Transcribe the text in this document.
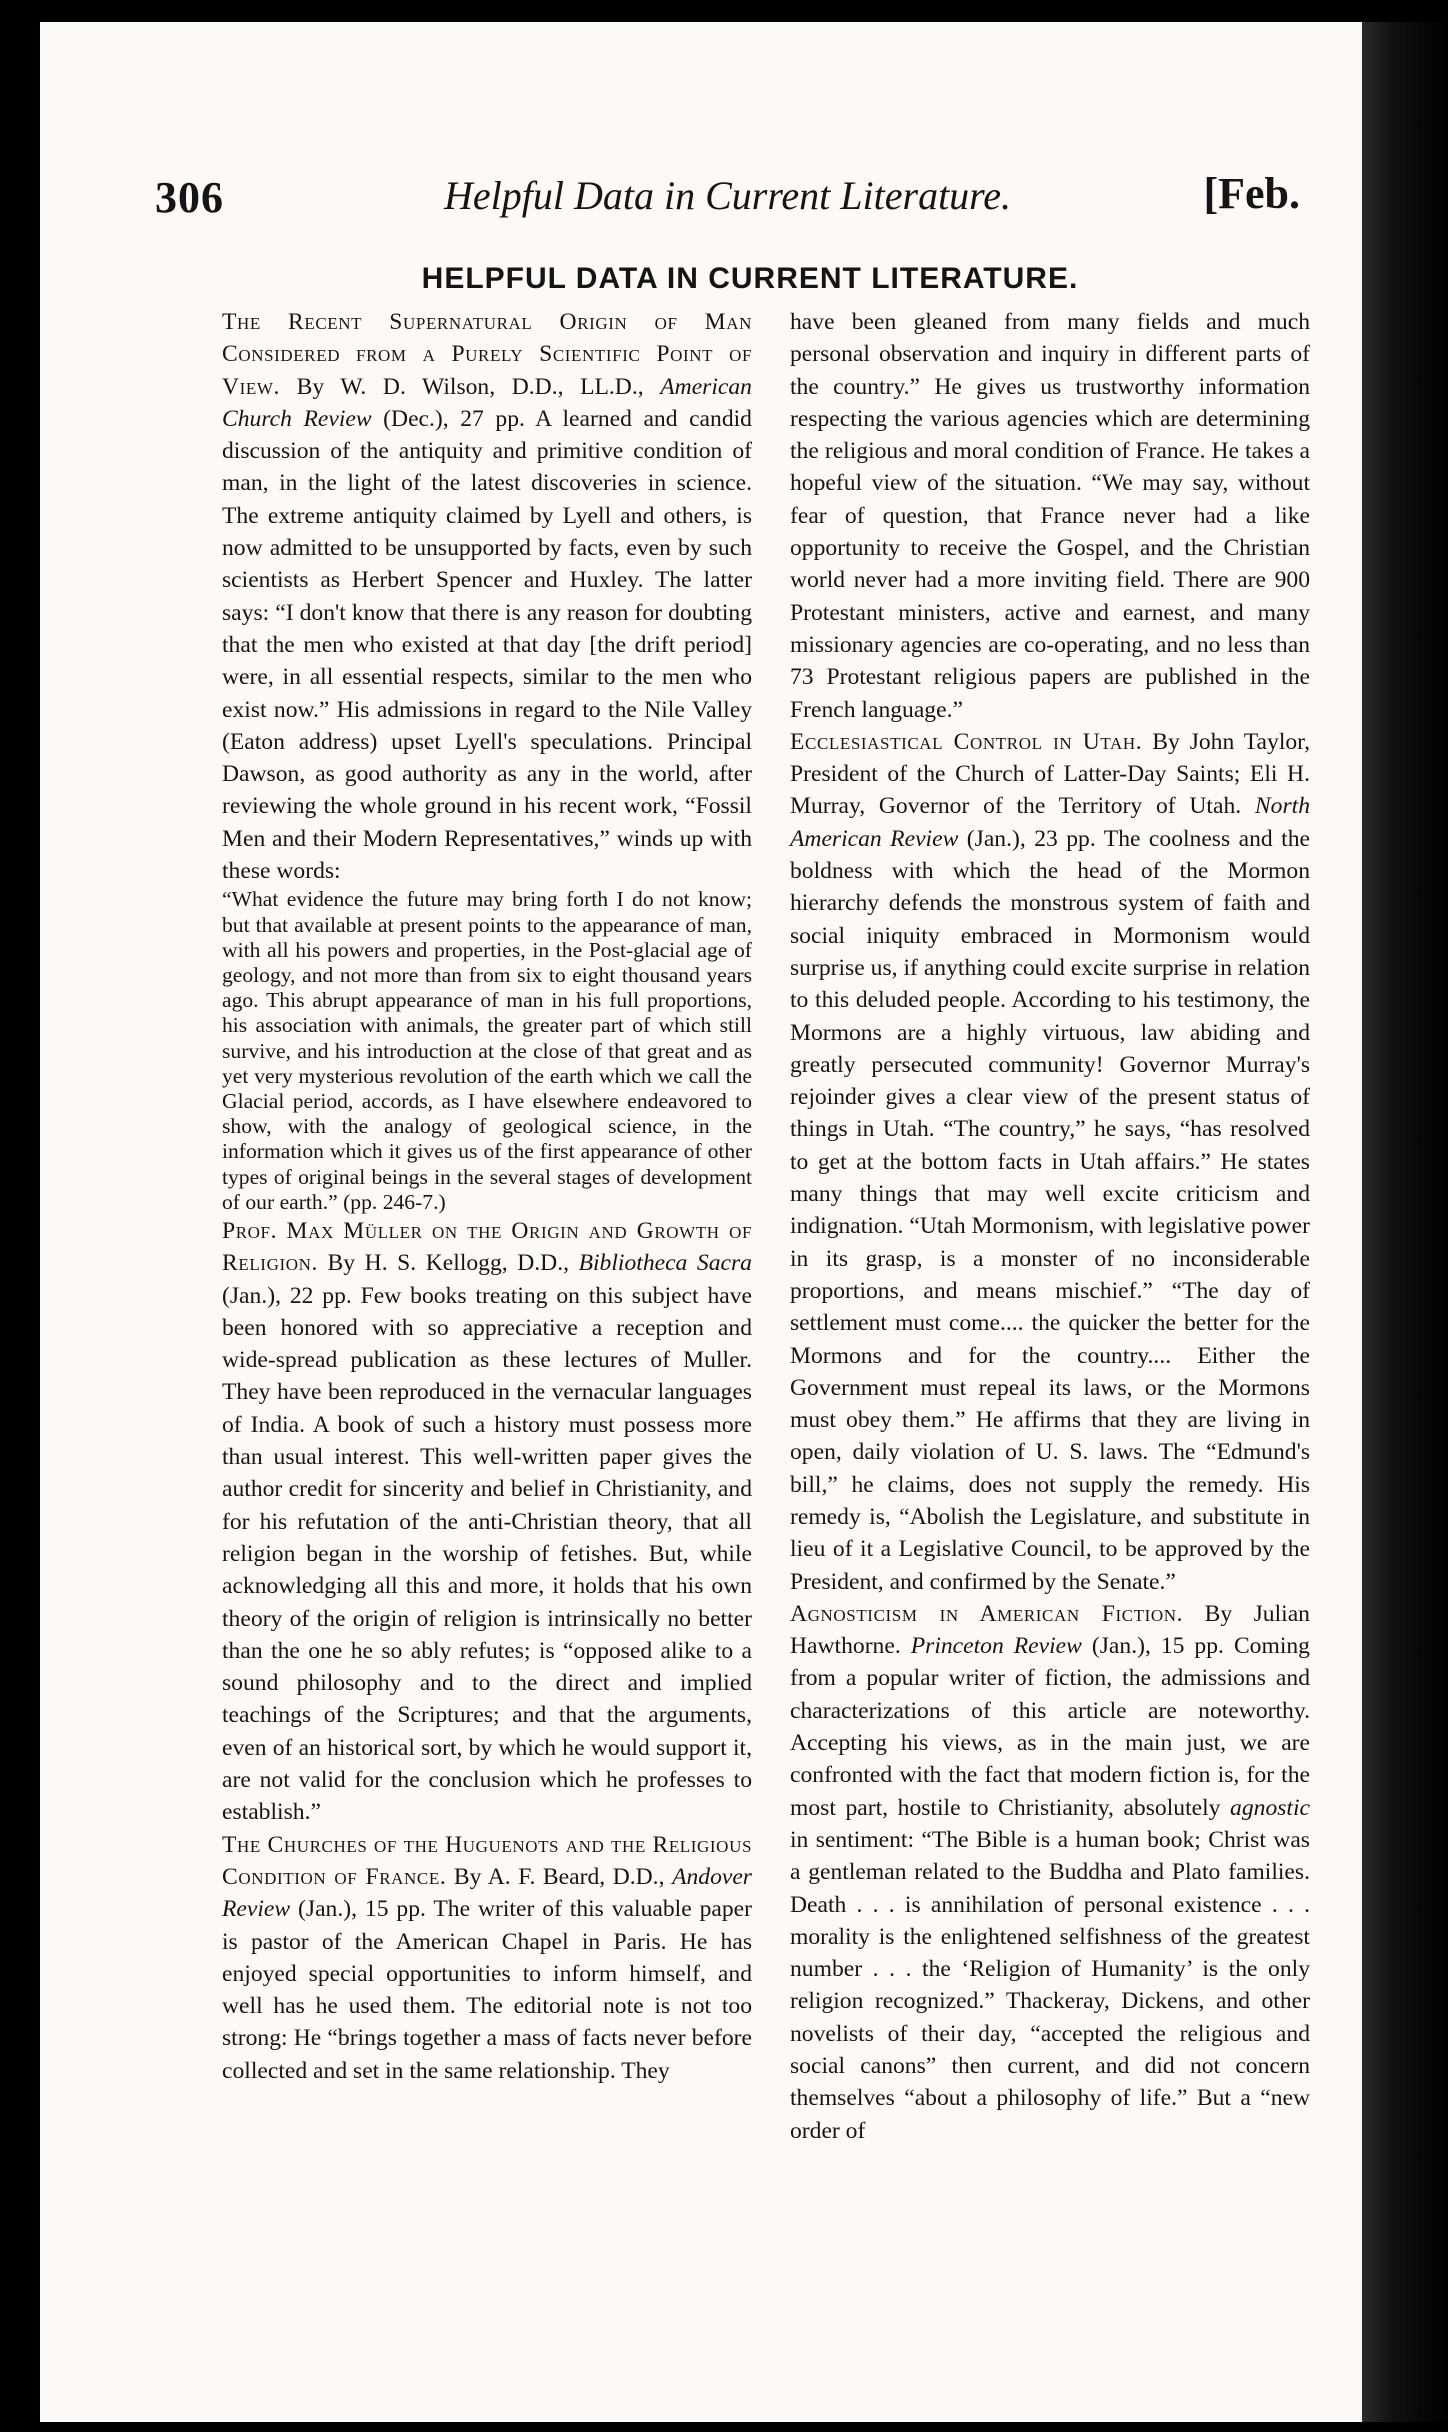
306	Helpful Data in Current Literature.	[Feb.
HELPFUL DATA IN CURRENT LITERATURE.

The Recent Supernatural Origin of Man Considered from a Purely Scientific Point of View. By W. D. Wilson, D.D., LL.D., American Church Review (Dec.), 27 pp. A learned and candid discussion of the antiquity and primitive condition of man, in the light of the latest discoveries in science. The extreme antiquity claimed by Lyell and others, is now admitted to be unsupported by facts, even by such scientists as Herbert Spencer and Huxley. The latter says: “I don't know that there is any reason for doubting that the men who existed at that day [the drift period] were, in all essential respects, similar to the men who exist now.” His admissions in regard to the Nile Valley (Eaton address) upset Lyell's speculations. Principal Dawson, as good authority as any in the world, after reviewing the whole ground in his recent work, “Fossil Men and their Modern Representatives,” winds up with these words:

“What evidence the future may bring forth I do not know; but that available at present points to the appearance of man, with all his powers and properties, in the Post-glacial age of geology, and not more than from six to eight thousand years ago. This abrupt appearance of man in his full proportions, his association with animals, the greater part of which still survive, and his introduction at the close of that great and as yet very mysterious revolution of the earth which we call the Glacial period, accords, as I have elsewhere endeavored to show, with the analogy of geological science, in the information which it gives us of the first appearance of other types of original beings in the several stages of development of our earth.” (pp. 246-7.)

Prof. Max Müller on the Origin and Growth of Religion. By H. S. Kellogg, D.D., Bibliotheca Sacra (Jan.), 22 pp. Few books treating on this subject have been honored with so appreciative a reception and wide-spread publication as these lectures of Muller. They have been reproduced in the vernacular languages of India. A book of such a history must possess more than usual interest. This well-written paper gives the author credit for sincerity and belief in Christianity, and for his refutation of the anti-Christian theory, that all religion began in the worship of fetishes. But, while acknowledging all this and more, it holds that his own theory of the origin of religion is intrinsically no better than the one he so ably refutes; is “opposed alike to a sound philosophy and to the direct and implied teachings of the Scriptures; and that the arguments, even of an historical sort, by which he would support it, are not valid for the conclusion which he professes to establish.”

The Churches of the Huguenots and the Religious Condition of France. By A. F. Beard, D.D., Andover Review (Jan.), 15 pp. The writer of this valuable paper is pastor of the American Chapel in Paris. He has enjoyed special opportunities to inform himself, and well has he used them. The editorial note is not too strong: He “brings together a mass of facts never before collected and set in the same relationship. They

have been gleaned from many fields and much personal observation and inquiry in different parts of the country.” He gives us trustworthy information respecting the various agencies which are determining the religious and moral condition of France. He takes a hopeful view of the situation. “We may say, without fear of question, that France never had a like opportunity to receive the Gospel, and the Christian world never had a more inviting field. There are 900 Protestant ministers, active and earnest, and many missionary agencies are co-operating, and no less than 73 Protestant religious papers are published in the French language.”

Ecclesiastical Control in Utah. By John Taylor, President of the Church of Latter-Day Saints; Eli H. Murray, Governor of the Territory of Utah. North American Review (Jan.), 23 pp. The coolness and the boldness with which the head of the Mormon hierarchy defends the monstrous system of faith and social iniquity embraced in Mormonism would surprise us, if anything could excite surprise in relation to this deluded people. According to his testimony, the Mormons are a highly virtuous, law abiding and greatly persecuted community! Governor Murray's rejoinder gives a clear view of the present status of things in Utah. “The country,” he says, “has resolved to get at the bottom facts in Utah affairs.” He states many things that may well excite criticism and indignation. “Utah Mormonism, with legislative power in its grasp, is a monster of no inconsiderable proportions, and means mischief.” “The day of settlement must come.... the quicker the better for the Mormons and for the country.... Either the Government must repeal its laws, or the Mormons must obey them.” He affirms that they are living in open, daily violation of U. S. laws. The “Edmund's bill,” he claims, does not supply the remedy. His remedy is, “Abolish the Legislature, and substitute in lieu of it a Legislative Council, to be approved by the President, and confirmed by the Senate.”

Agnosticism in American Fiction. By Julian Hawthorne. Princeton Review (Jan.), 15 pp. Coming from a popular writer of fiction, the admissions and characterizations of this article are noteworthy. Accepting his views, as in the main just, we are confronted with the fact that modern fiction is, for the most part, hostile to Christianity, absolutely agnostic in sentiment: “The Bible is a human book; Christ was a gentleman related to the Buddha and Plato families. Death . . . is annihilation of personal existence . . . morality is the enlightened selfishness of the greatest number . . . the ‘Religion of Humanity’ is the only religion recognized.” Thackeray, Dickens, and other novelists of their day, “accepted the religious and social canons” then current, and did not concern themselves “about a philosophy of life.” But a “new order of
